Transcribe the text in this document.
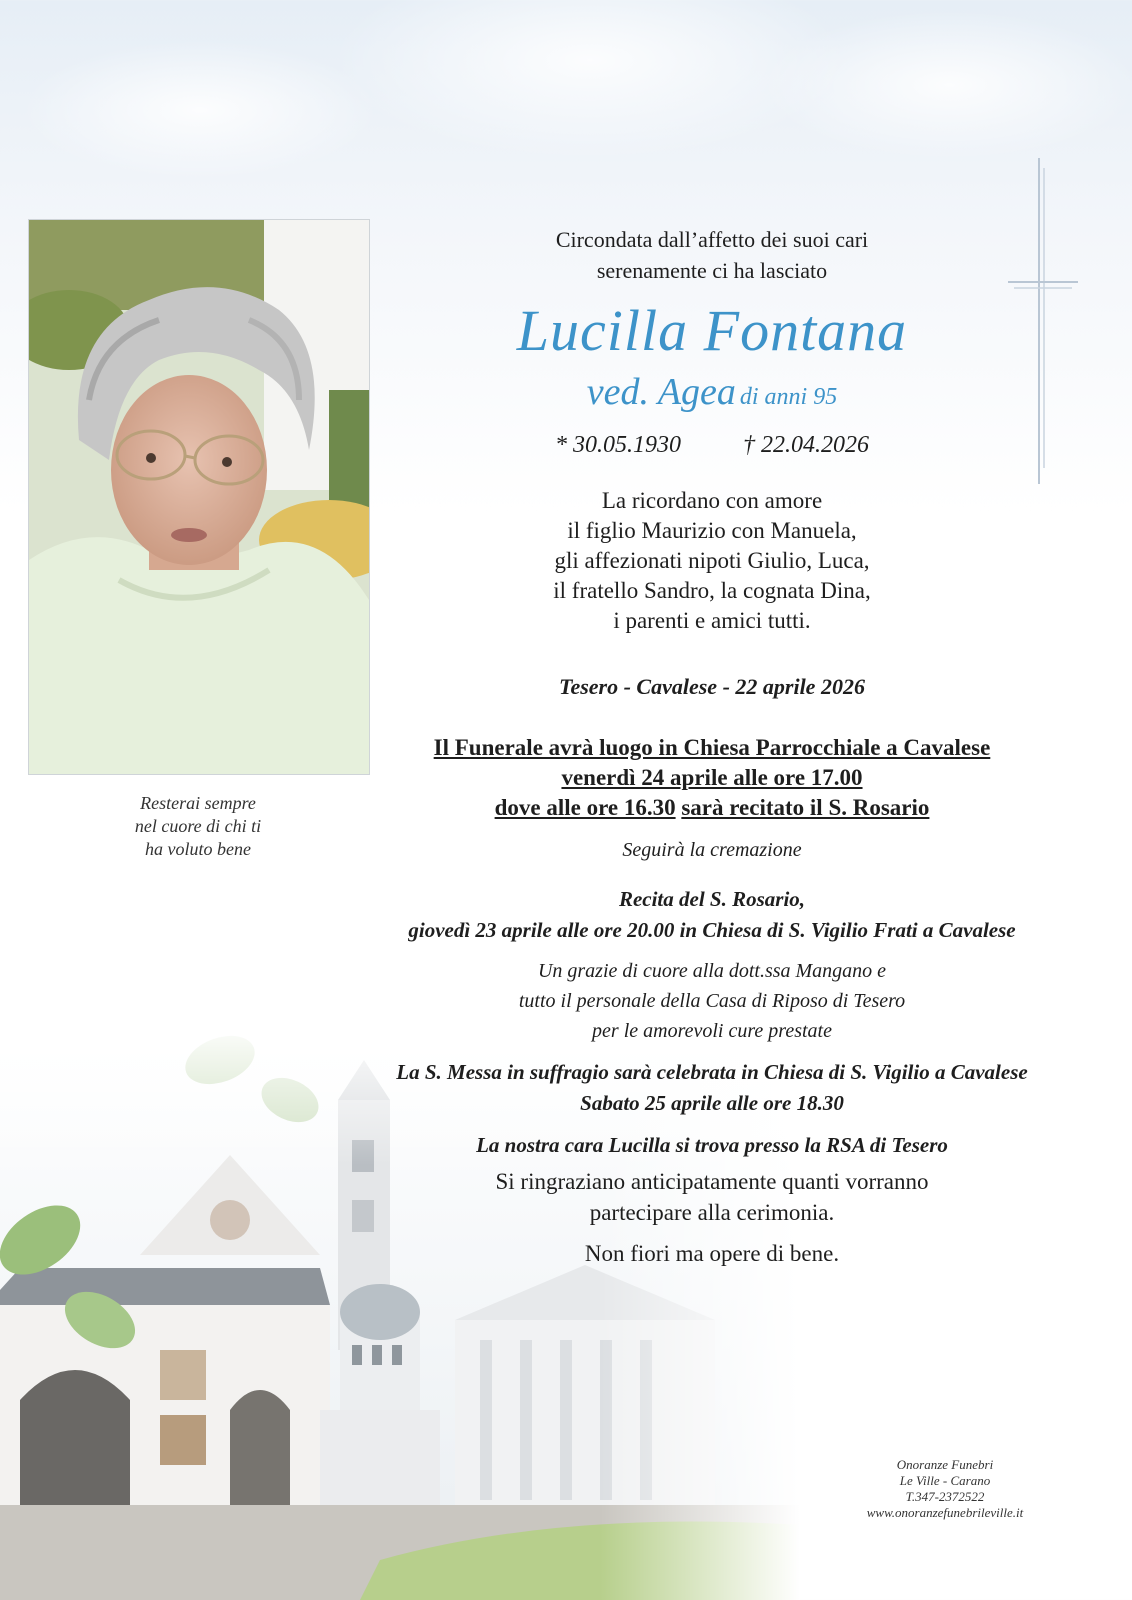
Resterai sempre
nel cuore di chi ti
ha voluto bene
Circondata dall’affetto dei suoi cari
serenamente ci ha lasciato
Lucilla Fontana
ved. Agea di anni 95
* 30.05.1930	† 22.04.2026
La ricordano con amore
il figlio Maurizio con Manuela,
gli affezionati nipoti Giulio, Luca,
il fratello Sandro, la cognata Dina,
i parenti e amici tutti.
Tesero - Cavalese - 22 aprile 2026
Il Funerale avrà luogo in Chiesa Parrocchiale a Cavalese
venerdì 24 aprile alle ore 17.00
dove alle ore 16.30 sarà recitato il S. Rosario
Seguirà la cremazione
Recita del S. Rosario,
giovedì 23 aprile alle ore 20.00 in Chiesa di S. Vigilio Frati a Cavalese
Un grazie di cuore alla dott.ssa Mangano e
tutto il personale della Casa di Riposo di Tesero
per le amorevoli cure prestate
La S. Messa in suffragio sarà celebrata in Chiesa di S. Vigilio a Cavalese
Sabato 25 aprile alle ore 18.30
La nostra cara Lucilla si trova presso la RSA di Tesero
Si ringraziano anticipatamente quanti vorranno
partecipare alla cerimonia.
Non fiori ma opere di bene.
Onoranze Funebri
Le Ville - Carano
T.347-2372522
www.onoranzefunebrileville.it
